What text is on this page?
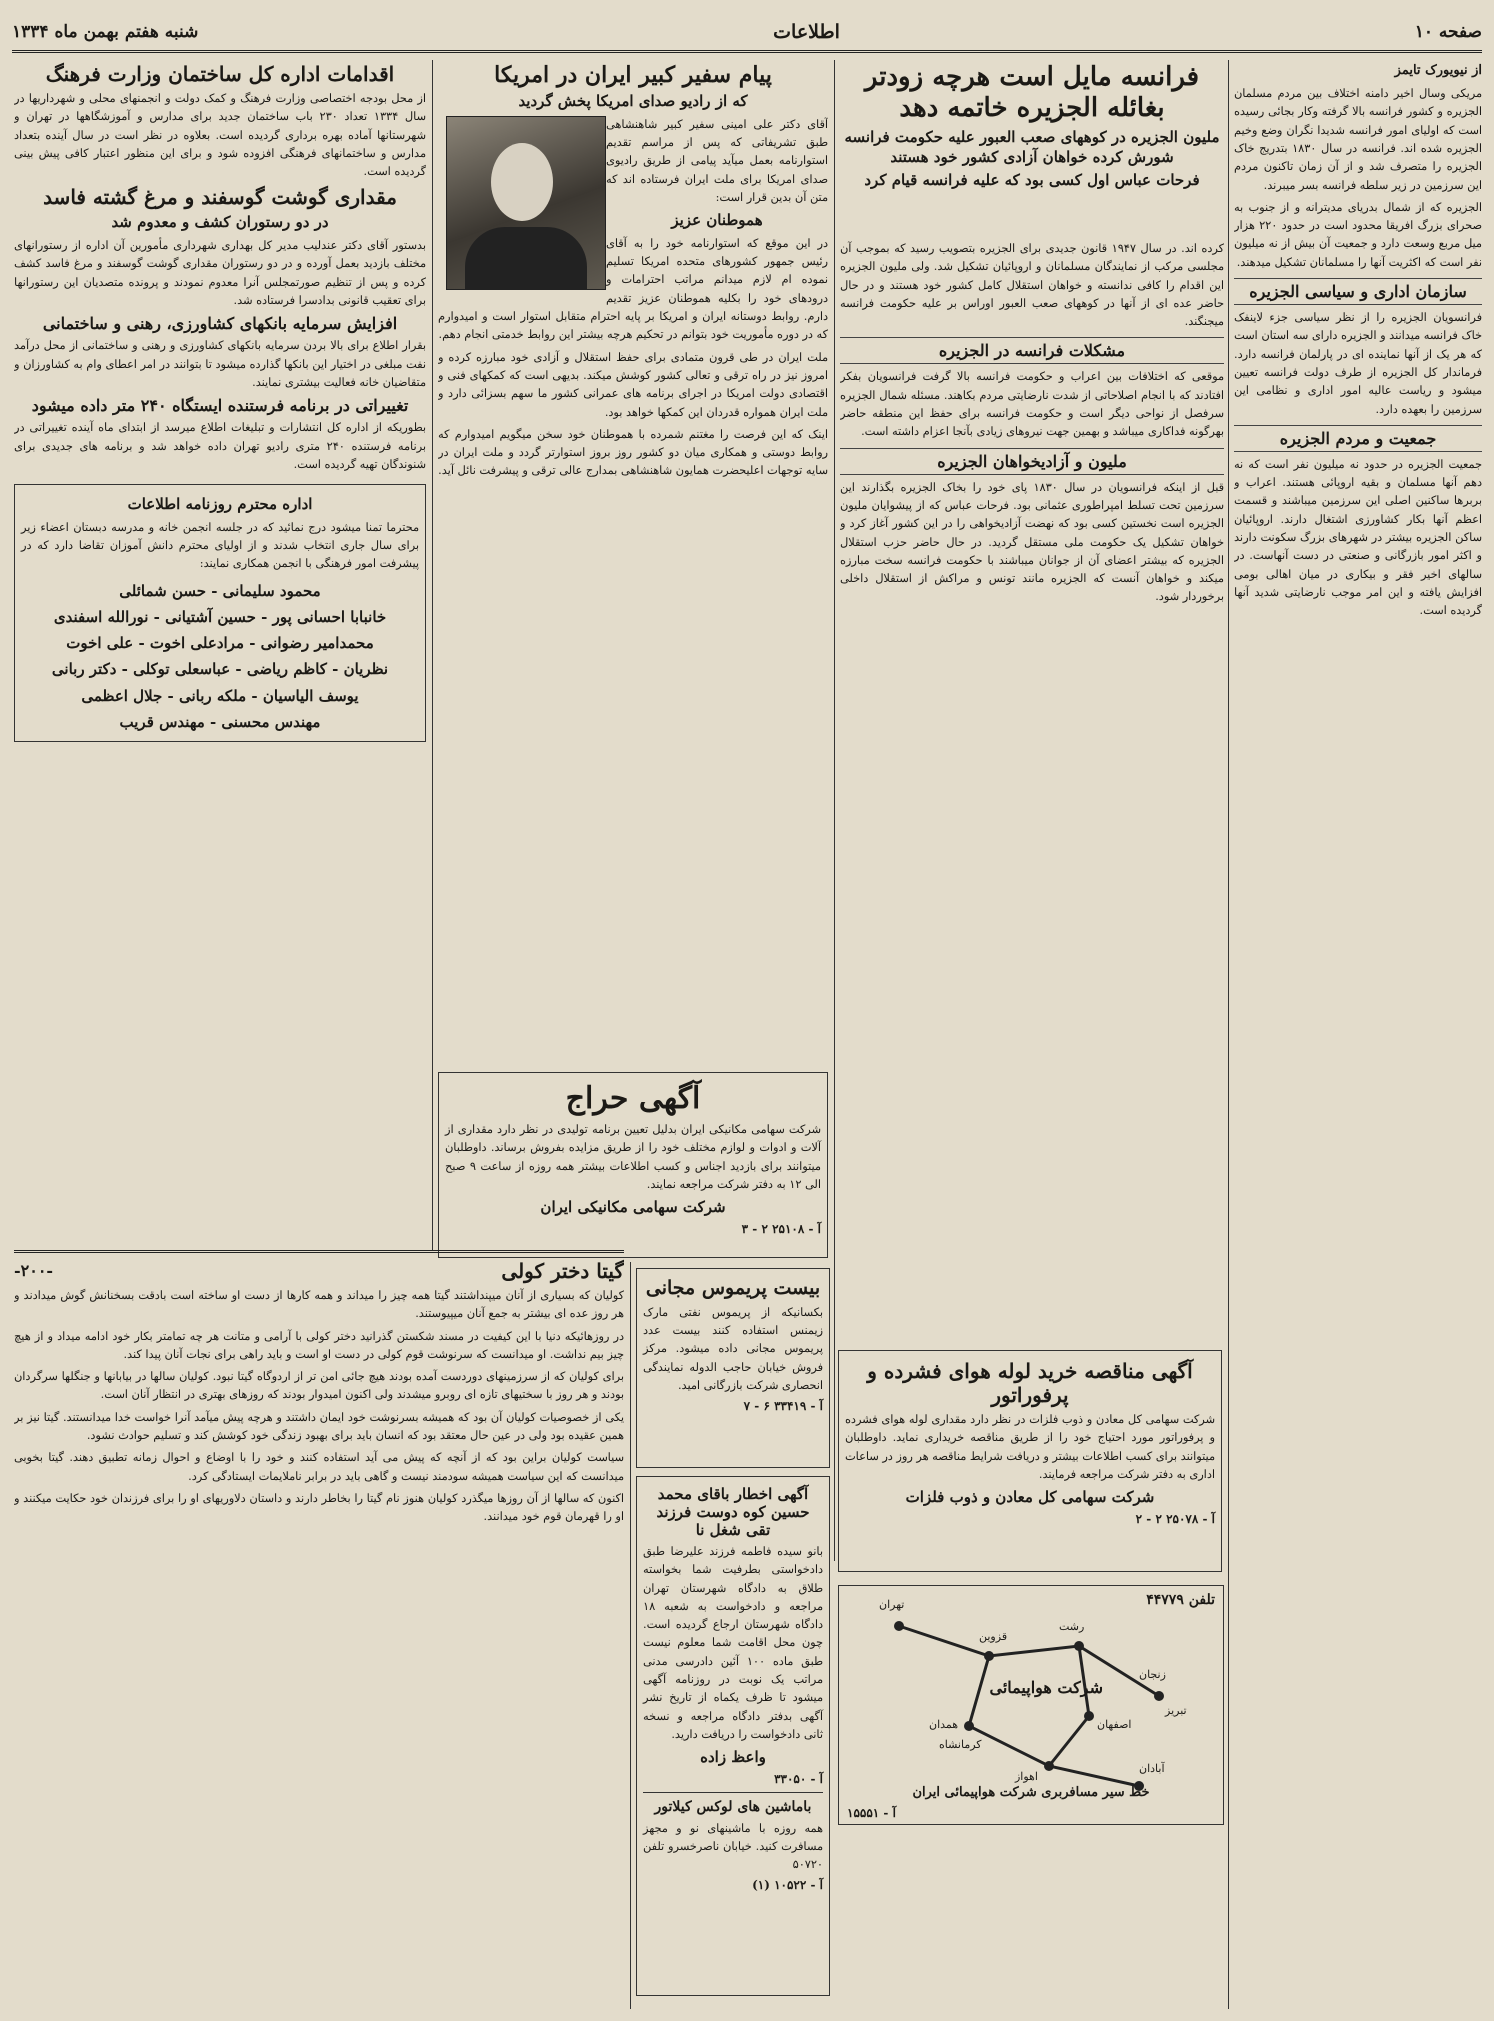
صفحه ۱۰
اطلاعات
شنبه هفتم بهمن ماه ۱۳۳۴
از نیویورک تایمز

مریکی وسال اخیر دامنه اختلاف بین مردم مسلمان الجزیره و کشور فرانسه بالا گرفته وکار بجائی رسیده است که اولیای امور فرانسه شدیدا نگران وضع وخیم الجزیره شده اند. فرانسه در سال ۱۸۳۰ بتدریج خاک الجزیره را متصرف شد و از آن زمان تاکنون مردم این سرزمین در زیر سلطه فرانسه بسر میبرند.

الجزیره که از شمال بدریای مدیترانه و از جنوب به صحرای بزرگ افریقا محدود است در حدود ۲۲۰ هزار میل مربع وسعت دارد و جمعیت آن بیش از نه میلیون نفر است که اکثریت آنها را مسلمانان تشکیل میدهند.

سازمان اداری و سیاسی الجزیره

فرانسویان الجزیره را از نظر سیاسی جزء لاینفک خاک فرانسه میدانند و الجزیره دارای سه استان است که هر یک از آنها نماینده ای در پارلمان فرانسه دارد. فرماندار کل الجزیره از طرف دولت فرانسه تعیین میشود و ریاست عالیه امور اداری و نظامی این سرزمین را بعهده دارد.

جمعیت و مردم الجزیره

جمعیت الجزیره در حدود نه میلیون نفر است که نه دهم آنها مسلمان و بقیه اروپائی هستند. اعراب و بربرها ساکنین اصلی این سرزمین میباشند و قسمت اعظم آنها بکار کشاورزی اشتغال دارند. اروپائیان ساکن الجزیره بیشتر در شهرهای بزرگ سکونت دارند و اکثر امور بازرگانی و صنعتی در دست آنهاست. در سالهای اخیر فقر و بیکاری در میان اهالی بومی افزایش یافته و این امر موجب نارضایتی شدید آنها گردیده است.

فرانسه مایل است هرچه زودتر بغائله الجزیره خاتمه دهد
ملیون الجزیره در کوههای صعب العبور علیه حکومت فرانسه شورش کرده خواهان آزادی کشور خود هستند
فرحات عباس اول کسی بود که علیه فرانسه قیام کرد

کرده اند. در سال ۱۹۴۷ قانون جدیدی برای الجزیره بتصویب رسید که بموجب آن مجلسی مرکب از نمایندگان مسلمانان و اروپائیان تشکیل شد. ولی ملیون الجزیره این اقدام را کافی ندانسته و خواهان استقلال کامل کشور خود هستند و در حال حاضر عده ای از آنها در کوههای صعب العبور اوراس بر علیه حکومت فرانسه میجنگند.

مشکلات فرانسه در الجزیره

موقعی که اختلافات بین اعراب و حکومت فرانسه بالا گرفت فرانسویان بفکر افتادند که با انجام اصلاحاتی از شدت نارضایتی مردم بکاهند. مسئله شمال الجزیره سرفصل از نواحی دیگر است و حکومت فرانسه برای حفظ این منطقه حاضر بهرگونه فداکاری میباشد و بهمین جهت نیروهای زیادی بآنجا اعزام داشته است.

ملیون و آزادیخواهان الجزیره

قبل از اینکه فرانسویان در سال ۱۸۳۰ پای خود را بخاک الجزیره بگذارند این سرزمین تحت تسلط امپراطوری عثمانی بود. فرحات عباس که از پیشوایان ملیون الجزیره است نخستین کسی بود که نهضت آزادیخواهی را در این کشور آغاز کرد و خواهان تشکیل یک حکومت ملی مستقل گردید. در حال حاضر حزب استقلال الجزیره که بیشتر اعضای آن از جوانان میباشند با حکومت فرانسه سخت مبارزه میکند و خواهان آنست که الجزیره مانند تونس و مراکش از استقلال داخلی برخوردار شود.

آگهی مناقصه خرید لوله هوای فشرده و پرفوراتور

شرکت سهامی کل معادن و ذوب فلزات در نظر دارد مقداری لوله هوای فشرده و پرفوراتور مورد احتیاج خود را از طریق مناقصه خریداری نماید. داوطلبان میتوانند برای کسب اطلاعات بیشتر و دریافت شرایط مناقصه هر روز در ساعات اداری به دفتر شرکت مراجعه فرمایند.

شرکت سهامی کل معادن و ذوب فلزات
آ - ۲۵۰۷۸ ۲ - ۲
تلفن ۴۴۷۷۹
شرکت هواپیمائی
خط سیر مسافربری شرکت هواپیمائی ایران
آ - ۱۵۵۵۱
تهران
قزوین
رشت
زنجان
تبریز
همدان
کرمانشاه
اصفهان
اهواز
آبادان
پیام سفیر کبیر ایران در امریکا
که از رادیو صدای امریکا پخش گردید

آقای دکتر علی امینی سفیر کبیر شاهنشاهی طبق تشریفاتی که پس از مراسم تقدیم استوارنامه بعمل میآید پیامی از طریق رادیوی صدای امریکا برای ملت ایران فرستاده اند که متن آن بدین قرار است:

هموطنان عزیز

در این موقع که استوارنامه خود را به آقای رئیس جمهور کشورهای متحده امریکا تسلیم نموده ام لازم میدانم مراتب احترامات و درودهای خود را بکلیه هموطنان عزیز تقدیم دارم. روابط دوستانه ایران و امریکا بر پایه احترام متقابل استوار است و امیدوارم که در دوره مأموریت خود بتوانم در تحکیم هرچه بیشتر این روابط خدمتی انجام دهم.

ملت ایران در طی قرون متمادی برای حفظ استقلال و آزادی خود مبارزه کرده و امروز نیز در راه ترقی و تعالی کشور کوشش میکند. بدیهی است که کمکهای فنی و اقتصادی دولت امریکا در اجرای برنامه های عمرانی کشور ما سهم بسزائی دارد و ملت ایران همواره قدردان این کمکها خواهد بود.

اینک که این فرصت را مغتنم شمرده با هموطنان خود سخن میگویم امیدوارم که روابط دوستی و همکاری میان دو کشور روز بروز استوارتر گردد و ملت ایران در سایه توجهات اعلیحضرت همایون شاهنشاهی بمدارج عالی ترقی و پیشرفت نائل آید.

آگهی حراج

شرکت سهامی مکانیکی ایران بدلیل تعیین برنامه تولیدی در نظر دارد مقداری از آلات و ادوات و لوازم مختلف خود را از طریق مزایده بفروش برساند. داوطلبان میتوانند برای بازدید اجناس و کسب اطلاعات بیشتر همه روزه از ساعت ۹ صبح الی ۱۲ به دفتر شرکت مراجعه نمایند.

شرکت سهامی مکانیکی ایران
آ - ۲۵۱۰۸ ۲ - ۳
بیست پریموس مجانی

بکسانیکه از پریموس نفتی مارک زیمنس استفاده کنند بیست عدد پریموس مجانی داده میشود. مرکز فروش خیابان حاجب الدوله نمایندگی انحصاری شرکت بازرگانی امید.

آ - ۳۳۴۱۹ ۶ - ۷
آگهی اخطار باقای محمد حسین کوه دوست فرزند تقی شغل نا

بانو سیده فاطمه فرزند علیرضا طبق دادخواستی بطرفیت شما بخواسته طلاق به دادگاه شهرستان تهران مراجعه و دادخواست به شعبه ۱۸ دادگاه شهرستان ارجاع گردیده است. چون محل اقامت شما معلوم نیست طبق ماده ۱۰۰ آئین دادرسی مدنی مراتب یک نوبت در روزنامه آگهی میشود تا ظرف یکماه از تاریخ نشر آگهی بدفتر دادگاه مراجعه و نسخه ثانی دادخواست را دریافت دارید.

واعظ زاده
آ - ۳۳۰۵۰
باماشین های لوکس کیلاتور

همه روزه با ماشینهای نو و مجهز مسافرت کنید. خیابان ناصرخسرو تلفن ۵۰۷۲۰

آ - ۱۰۵۲۲ (۱)
اقدامات اداره کل ساختمان وزارت فرهنگ

از محل بودجه اختصاصی وزارت فرهنگ و کمک دولت و انجمنهای محلی و شهرداریها در سال ۱۳۳۴ تعداد ۲۳۰ باب ساختمان جدید برای مدارس و آموزشگاهها در تهران و شهرستانها آماده بهره برداری گردیده است. بعلاوه در نظر است در سال آینده بتعداد مدارس و ساختمانهای فرهنگی افزوده شود و برای این منظور اعتبار کافی پیش بینی گردیده است.

مقداری گوشت گوسفند و مرغ گشته فاسد
در دو رستوران کشف و معدوم شد

بدستور آقای دکتر عندلیب مدیر کل بهداری شهرداری مأمورین آن اداره از رستورانهای مختلف بازدید بعمل آورده و در دو رستوران مقداری گوشت گوسفند و مرغ فاسد کشف کرده و پس از تنظیم صورتمجلس آنرا معدوم نمودند و پرونده متصدیان این رستورانها برای تعقیب قانونی بدادسرا فرستاده شد.

افزایش سرمایه بانکهای کشاورزی، رهنی و ساختمانی

بقرار اطلاع برای بالا بردن سرمایه بانکهای کشاورزی و رهنی و ساختمانی از محل درآمد نفت مبلغی در اختیار این بانکها گذارده میشود تا بتوانند در امر اعطای وام به کشاورزان و متقاضیان خانه فعالیت بیشتری نمایند.

تغییراتی در برنامه فرستنده ایستگاه ۲۴۰ متر داده میشود

بطوریکه از اداره کل انتشارات و تبلیغات اطلاع میرسد از ابتدای ماه آینده تغییراتی در برنامه فرستنده ۲۴۰ متری رادیو تهران داده خواهد شد و برنامه های جدیدی برای شنوندگان تهیه گردیده است.

اداره محترم روزنامه اطلاعات

محترما تمنا میشود درج نمائید که در جلسه انجمن خانه و مدرسه دبستان اعضاء زیر برای سال جاری انتخاب شدند و از اولیای محترم دانش آموزان تقاضا دارد که در پیشرفت امور فرهنگی با انجمن همکاری نمایند:

محمود سلیمانی - حسن شمائلی
خانبابا احسانی پور - حسین آشتیانی - نورالله اسفندی
محمدامیر رضوانی - مرادعلی اخوت - علی اخوت
نظریان - کاظم ریاضی - عباسعلی توکلی - دکتر ربانی
یوسف الیاسیان - ملکه ربانی - جلال اعظمی
مهندس محسنی - مهندس قریب
گیتا دختر کولی
-۲۰۰-

کولیان که بسیاری از آنان میپنداشتند گیتا همه چیز را میداند و همه کارها از دست او ساخته است بادقت بسخنانش گوش میدادند و هر روز عده ای بیشتر به جمع آنان میپیوستند.

در روزهائیکه دنیا با این کیفیت در مسند شکستن گذرانید دختر کولی با آرامی و متانت هر چه تمامتر بکار خود ادامه میداد و از هیچ چیز بیم نداشت. او میدانست که سرنوشت قوم کولی در دست او است و باید راهی برای نجات آنان پیدا کند.

برای کولیان که از سرزمینهای دوردست آمده بودند هیچ جائی امن تر از اردوگاه گیتا نبود. کولیان سالها در بیابانها و جنگلها سرگردان بودند و هر روز با سختیهای تازه ای روبرو میشدند ولی اکنون امیدوار بودند که روزهای بهتری در انتظار آنان است.

یکی از خصوصیات کولیان آن بود که همیشه بسرنوشت خود ایمان داشتند و هرچه پیش میآمد آنرا خواست خدا میدانستند. گیتا نیز بر همین عقیده بود ولی در عین حال معتقد بود که انسان باید برای بهبود زندگی خود کوشش کند و تسلیم حوادث نشود.

سیاست کولیان براین بود که از آنچه که پیش می آید استفاده کنند و خود را با اوضاع و احوال زمانه تطبیق دهند. گیتا بخوبی میدانست که این سیاست همیشه سودمند نیست و گاهی باید در برابر ناملایمات ایستادگی کرد.

اکنون که سالها از آن روزها میگذرد کولیان هنوز نام گیتا را بخاطر دارند و داستان دلاوریهای او را برای فرزندان خود حکایت میکنند و او را قهرمان قوم خود میدانند.
